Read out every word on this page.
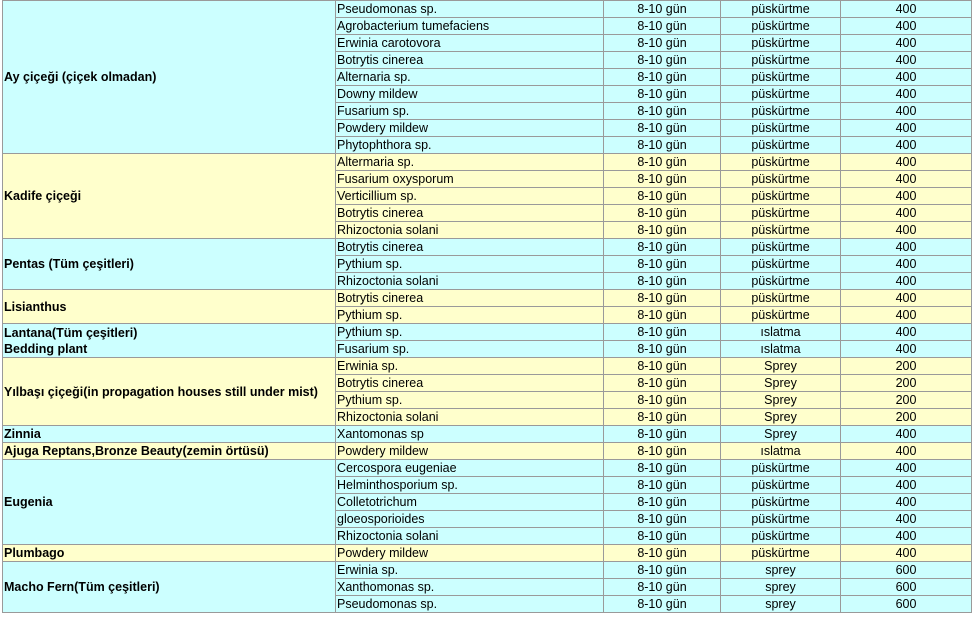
Ay çiçeği (çiçek olmadan)	Pseudomonas sp.	8-10 gün	püskürtme	400
	Agrobacterium tumefaciens	8-10 gün	püskürtme	400
	Erwinia carotovora	8-10 gün	püskürtme	400
	Botrytis cinerea	8-10 gün	püskürtme	400
	Alternaria sp.	8-10 gün	püskürtme	400
	Downy mildew	8-10 gün	püskürtme	400
	Fusarium sp.	8-10 gün	püskürtme	400
	Powdery mildew	8-10 gün	püskürtme	400
	Phytophthora sp.	8-10 gün	püskürtme	400
Kadife çiçeği	Altermaria sp.	8-10 gün	püskürtme	400
	Fusarium oxysporum	8-10 gün	püskürtme	400
	Verticillium sp.	8-10 gün	püskürtme	400
	Botrytis cinerea	8-10 gün	püskürtme	400
	Rhizoctonia solani	8-10 gün	püskürtme	400
Pentas (Tüm çeşitleri)	Botrytis cinerea	8-10 gün	püskürtme	400
	Pythium sp.	8-10 gün	püskürtme	400
	Rhizoctonia solani	8-10 gün	püskürtme	400
Lisianthus	Botrytis cinerea	8-10 gün	püskürtme	400
	Pythium sp.	8-10 gün	püskürtme	400
Lantana(Tüm çeşitleri)
Bedding plant	Pythium sp.	8-10 gün	ıslatma	400
	Fusarium sp.	8-10 gün	ıslatma	400
Yılbaşı çiçeği(in propagation houses still under mist)	Erwinia sp.	8-10 gün	Sprey	200
	Botrytis cinerea	8-10 gün	Sprey	200
	Pythium sp.	8-10 gün	Sprey	200
	Rhizoctonia solani	8-10 gün	Sprey	200
Zinnia	Xantomonas sp	8-10 gün	Sprey	400
Ajuga Reptans,Bronze Beauty(zemin örtüsü)	Powdery mildew	8-10 gün	ıslatma	400
Eugenia	Cercospora eugeniae	8-10 gün	püskürtme	400
	Helminthosporium sp.	8-10 gün	püskürtme	400
	Colletotrichum	8-10 gün	püskürtme	400
	gloeosporioides	8-10 gün	püskürtme	400
	Rhizoctonia solani	8-10 gün	püskürtme	400
Plumbago	Powdery mildew	8-10 gün	püskürtme	400
Macho Fern(Tüm çeşitleri)	Erwinia sp.	8-10 gün	sprey	600
	Xanthomonas sp.	8-10 gün	sprey	600
	Pseudomonas sp.	8-10 gün	sprey	600
